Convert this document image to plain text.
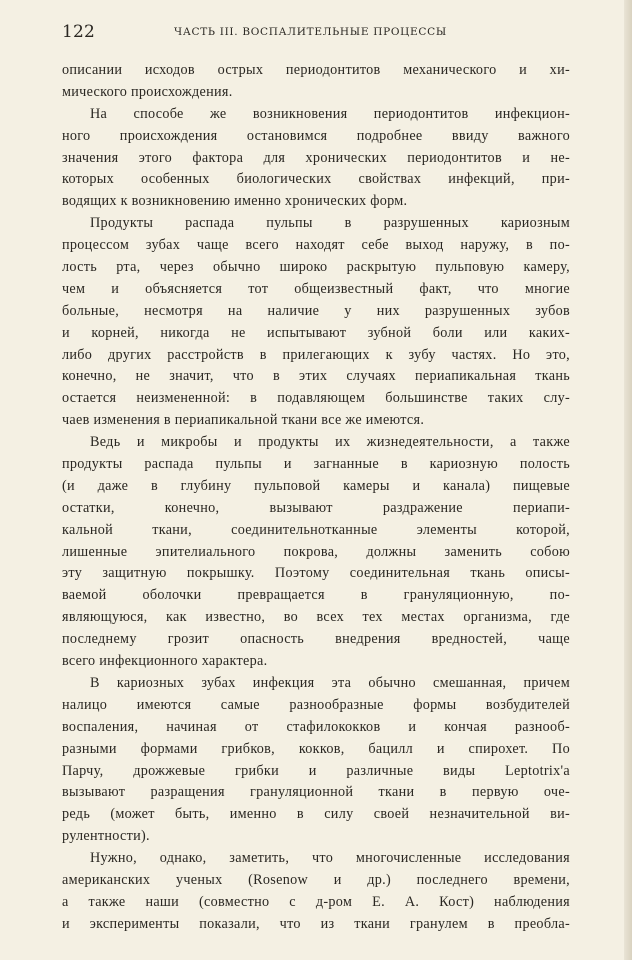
122	ЧАСТЬ III. ВОСПАЛИТЕЛЬНЫЕ ПРОЦЕССЫ
описании исходов острых периодонтитов механического и хи-
мического происхождения.
На способе же возникновения периодонтитов инфекцион-
ного происхождения остановимся подробнее ввиду важного
значения этого фактора для хронических периодонтитов и не-
которых особенных биологических свойствах инфекций, при-
водящих к возникновению именно хронических форм.
Продукты распада пульпы в разрушенных кариозным
процессом зубах чаще всего находят себе выход наружу, в по-
лость рта, через обычно широко раскрытую пульповую камеру,
чем и объясняется тот общеизвестный факт, что многие
больные, несмотря на наличие у них разрушенных зубов
и корней, никогда не испытывают зубной боли или каких-
либо других расстройств в прилегающих к зубу частях. Но это,
конечно, не значит, что в этих случаях периапикальная ткань
остается неизмененной: в подавляющем большинстве таких слу-
чаев изменения в периапикальной ткани все же имеются.
Ведь и микробы и продукты их жизнедеятельности, а также
продукты распада пульпы и загнанные в кариозную полость
(и даже в глубину пульповой камеры и канала) пищевые
остатки, конечно, вызывают раздражение периапи-
кальной ткани, соединительнотканные элементы которой,
лишенные эпителиального покрова, должны заменить собою
эту защитную покрышку. Поэтому соединительная ткань описы-
ваемой оболочки превращается в грануляционную, по-
являющуюся, как известно, во всех тех местах организма, где
последнему грозит опасность внедрения вредностей, чаще
всего инфекционного характера.
В кариозных зубах инфекция эта обычно смешанная, причем
налицо имеются самые разнообразные формы возбудителей
воспаления, начиная от стафилококков и кончая разнооб-
разными формами грибков, кокков, бацилл и спирохет. По
Парчу, дрожжевые грибки и различные виды Leptotrix'а
вызывают разращения грануляционной ткани в первую оче-
редь (может быть, именно в силу своей незначительной ви-
рулентности).
Нужно, однако, заметить, что многочисленные исследования
американских ученых (Rosenow и др.) последнего времени,
а также наши (совместно с д-ром Е. А. Кост) наблюдения
и эксперименты показали, что из ткани гранулем в преобла-
